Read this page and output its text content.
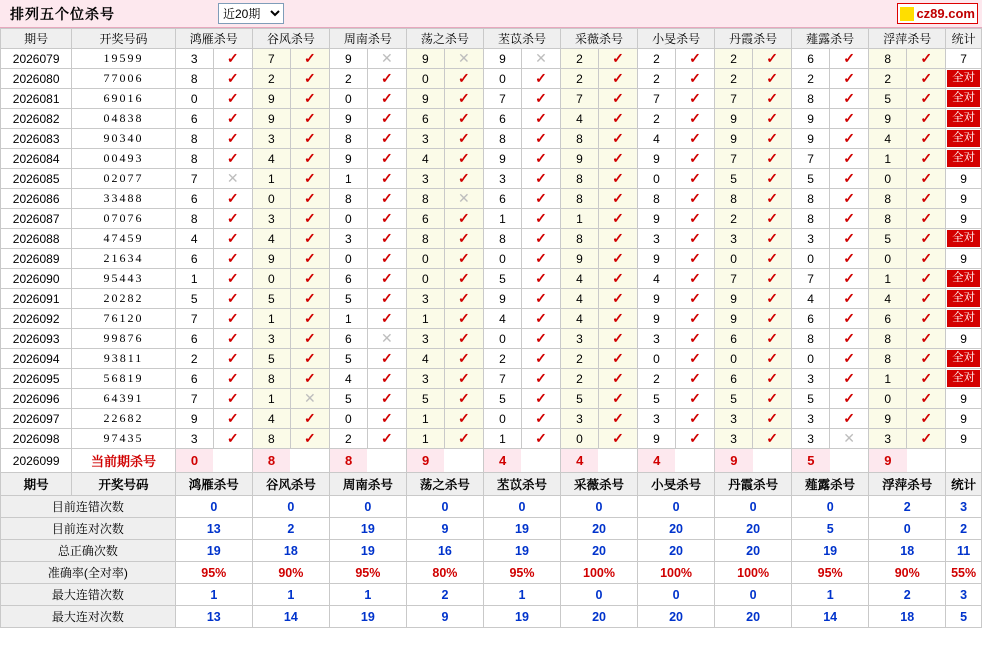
排列五个位杀号
近20期	cz89.com
期号	开奖号码	鸿雁杀号		谷风杀号		周南杀号		荡之杀号		苤苡杀号		采薇杀号		小旻杀号		丹霞杀号		薤露杀号		浮萍杀号		统计
2026079	19599	3	✓	7	✓	9	✕	9	✕	9	✕	2	✓	2	✓	2	✓	6	✓	8	✓	7
2026080	77006	8	✓	2	✓	2	✓	0	✓	0	✓	2	✓	2	✓	2	✓	2	✓	2	✓	全对

2026081	69016	0	✓	9	✓	0	✓	9	✓	7	✓	7	✓	7	✓	7	✓	8	✓	5	✓	全对

2026082	04838	6	✓	9	✓	9	✓	6	✓	6	✓	4	✓	2	✓	9	✓	9	✓	9	✓	全对

2026083	90340	8	✓	3	✓	8	✓	3	✓	8	✓	8	✓	4	✓	9	✓	9	✓	4	✓	全对

2026084	00493	8	✓	4	✓	9	✓	4	✓	9	✓	9	✓	9	✓	7	✓	7	✓	1	✓	全对

2026085	02077	7	✕	1	✓	1	✓	3	✓	3	✓	8	✓	0	✓	5	✓	5	✓	0	✓	9
2026086	33488	6	✓	0	✓	8	✓	8	✕	6	✓	8	✓	8	✓	8	✓	8	✓	8	✓	9
2026087	07076	8	✓	3	✓	0	✓	6	✓	1	✓	1	✓	9	✓	2	✓	8	✓	8	✓	9
2026088	47459	4	✓	4	✓	3	✓	8	✓	8	✓	8	✓	3	✓	3	✓	3	✓	5	✓	全对

2026089	21634	6	✓	9	✓	0	✓	0	✓	0	✓	9	✓	9	✓	0	✓	0	✓	0	✓	9
2026090	95443	1	✓	0	✓	6	✓	0	✓	5	✓	4	✓	4	✓	7	✓	7	✓	1	✓	全对

2026091	20282	5	✓	5	✓	5	✓	3	✓	9	✓	4	✓	9	✓	9	✓	4	✓	4	✓	全对

2026092	76120	7	✓	1	✓	1	✓	1	✓	4	✓	4	✓	9	✓	9	✓	6	✓	6	✓	全对

2026093	99876	6	✓	3	✓	6	✕	3	✓	0	✓	3	✓	3	✓	6	✓	8	✓	8	✓	9
2026094	93811	2	✓	5	✓	5	✓	4	✓	2	✓	2	✓	0	✓	0	✓	0	✓	8	✓	全对

2026095	56819	6	✓	8	✓	4	✓	3	✓	7	✓	2	✓	2	✓	6	✓	3	✓	1	✓	全对

2026096	64391	7	✓	1	✕	5	✓	5	✓	5	✓	5	✓	5	✓	5	✓	5	✓	0	✓	9
2026097	22682	9	✓	4	✓	0	✓	1	✓	0	✓	3	✓	3	✓	3	✓	3	✓	9	✓	9
2026098	97435	3	✓	8	✓	2	✓	1	✓	1	✓	0	✓	9	✓	3	✓	3	✕	3	✓	9
2026099	当前期杀号	0		8		8		9		4		4		4		9		5		9		
期号	开奖号码	鸿雁杀号		谷风杀号		周南杀号		荡之杀号		苤苡杀号		采薇杀号		小旻杀号		丹霞杀号		薤露杀号		浮萍杀号		统计
目前连错次数		0		0		0		0		0		0		0		0		0		2		3
目前连对次数		13		2		19		9		19		20		20		20		5		0		2
总正确次数		19		18		19		16		19		20		20		20		19		18		11
准确率(全对率)		95%		90%		95%		80%		95%		100%		100%		100%		95%		90%		55%
最大连错次数		1		1		1		2		1		0		0		0		1		2		3
最大连对次数		13		14		19		9		19		20		20		20		14		18		5
